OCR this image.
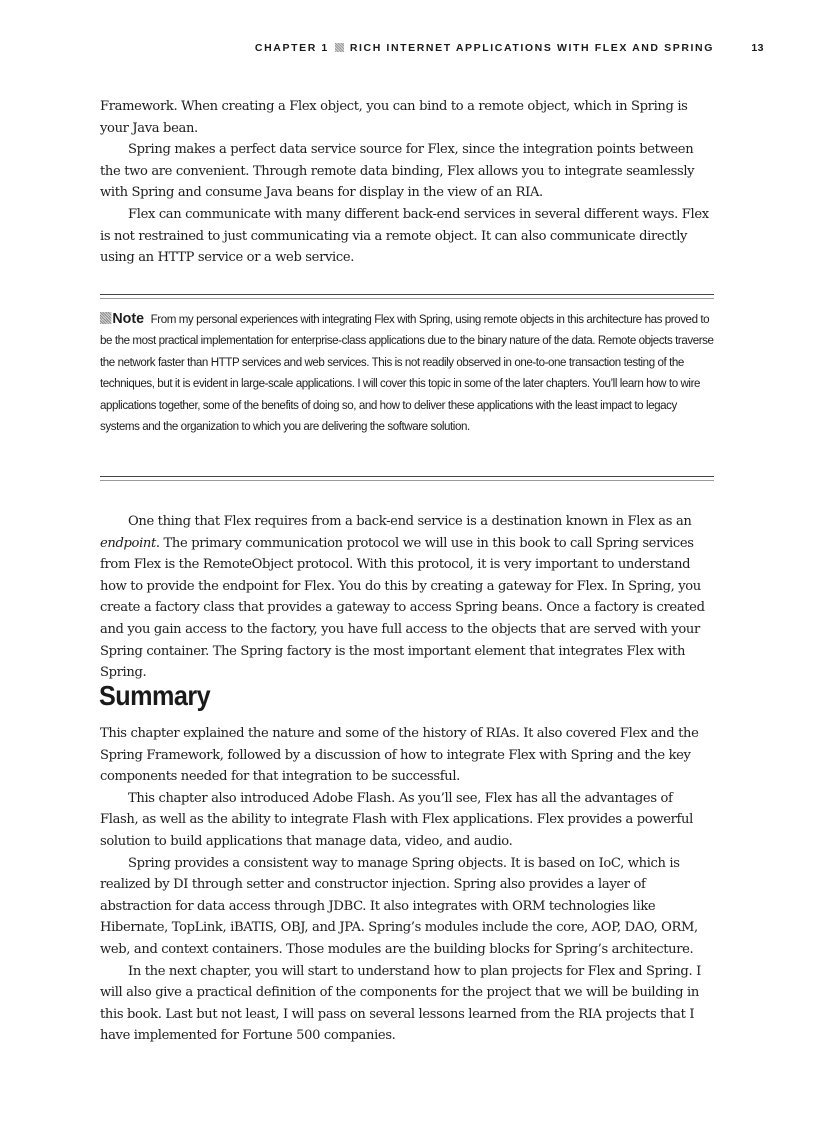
CHAPTER 1 RICH INTERNET APPLICATIONS WITH FLEX AND SPRING	13

Framework. When creating a Flex object, you can bind to a remote object, which in Spring is your Java bean.

Spring makes a perfect data service source for Flex, since the integration points between the two are convenient. Through remote data binding, Flex allows you to integrate seamlessly with Spring and consume Java beans for display in the view of an RIA.

Flex can communicate with many different back-end services in several different ways. Flex is not restrained to just communicating via a remote object. It can also communicate directly using an HTTP service or a web service.

Note From my personal experiences with integrating Flex with Spring, using remote objects in this architecture has proved to be the most practical implementation for enterprise-class applications due to the binary nature of the data. Remote objects traverse the network faster than HTTP services and web services. This is not readily observed in one-to-one transaction testing of the techniques, but it is evident in large-scale applications. I will cover this topic in some of the later chapters. You’ll learn how to wire applications together, some of the benefits of doing so, and how to deliver these applications with the least impact to legacy systems and the organization to which you are delivering the software solution.

One thing that Flex requires from a back-end service is a destination known in Flex as an endpoint. The primary communication protocol we will use in this book to call Spring services from Flex is the RemoteObject protocol. With this protocol, it is very important to understand how to provide the endpoint for Flex. You do this by creating a gateway for Flex. In Spring, you create a factory class that provides a gateway to access Spring beans. Once a factory is created and you gain access to the factory, you have full access to the objects that are served with your Spring container. The Spring factory is the most important element that integrates Flex with Spring.

Summary

This chapter explained the nature and some of the history of RIAs. It also covered Flex and the Spring Framework, followed by a discussion of how to integrate Flex with Spring and the key components needed for that integration to be successful.

This chapter also introduced Adobe Flash. As you’ll see, Flex has all the advantages of Flash, as well as the ability to integrate Flash with Flex applications. Flex provides a powerful solution to build applications that manage data, video, and audio.

Spring provides a consistent way to manage Spring objects. It is based on IoC, which is realized by DI through setter and constructor injection. Spring also provides a layer of abstraction for data access through JDBC. It also integrates with ORM technologies like Hibernate, TopLink, iBATIS, OBJ, and JPA. Spring’s modules include the core, AOP, DAO, ORM, web, and context containers. Those modules are the building blocks for Spring’s architecture.

In the next chapter, you will start to understand how to plan projects for Flex and Spring. I will also give a practical definition of the components for the project that we will be building in this book. Last but not least, I will pass on several lessons learned from the RIA projects that I have implemented for Fortune 500 companies.
